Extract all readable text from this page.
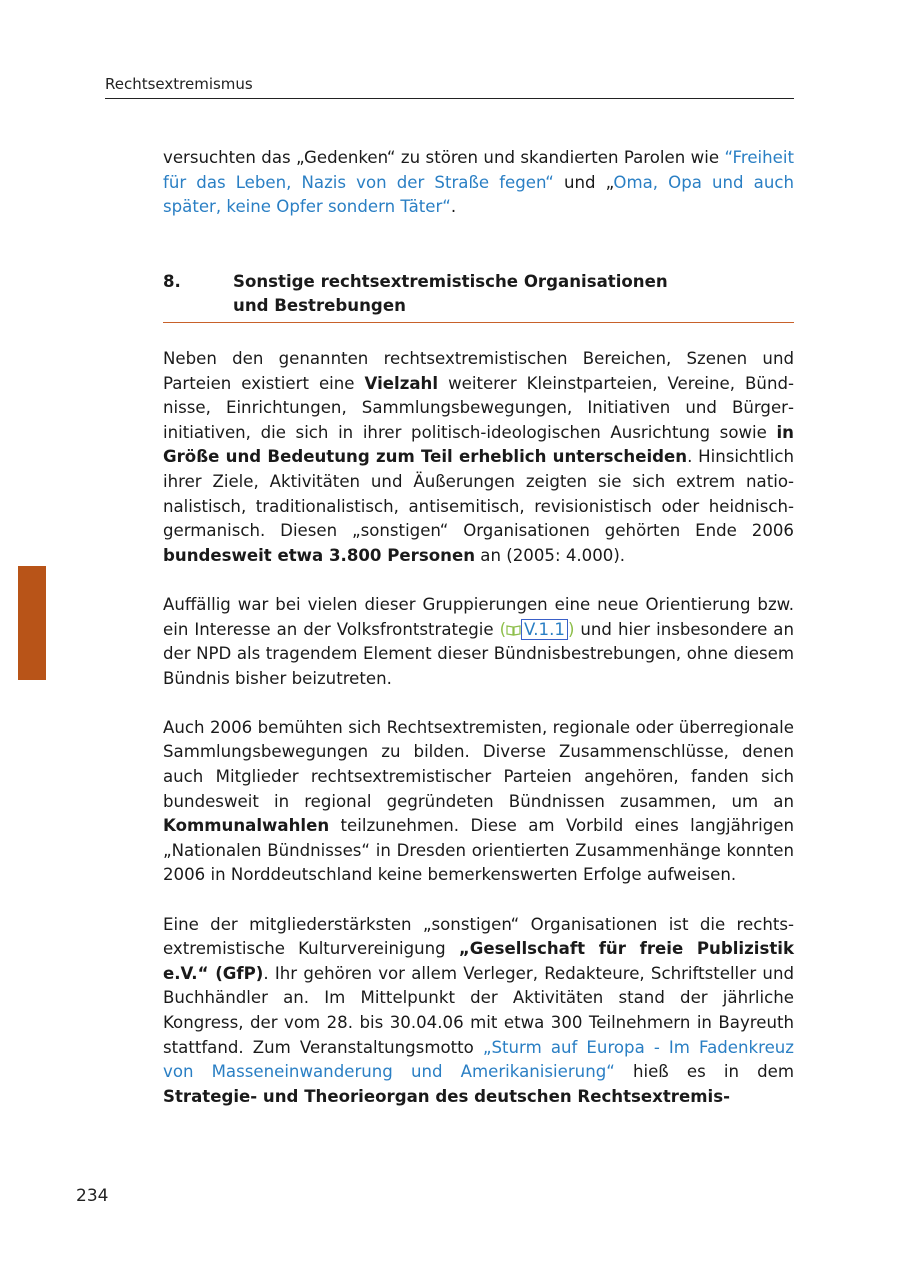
Rechtsextremismus

versuchten das „Gedenken“ zu stören und skandierten Parolen wie “Freiheit für das Leben, Nazis von der Straße fegen“ und „Oma, Opa und auch später, keine Opfer sondern Täter“.

8.	Sonstige rechtsextremistische Organisationen
und Bestrebungen

Neben den genannten rechtsextremistischen Bereichen, Szenen und Parteien existiert eine Vielzahl weiterer Kleinstparteien, Vereine, Bündnisse, Einrichtungen, Sammlungsbewegungen, Initiativen und Bürgerinitiativen, die sich in ihrer politisch-ideologischen Ausrichtung sowie in Größe und Bedeutung zum Teil erheblich unterscheiden. Hinsichtlich ihrer Ziele, Aktivitäten und Äußerungen zeigten sie sich extrem nationalistisch, traditionalistisch, antisemitisch, revisionistisch oder heidnisch-germanisch. Diesen „sonstigen“ Organisationen gehörten Ende 2006 bundesweit etwa 3.800 Personen an (2005: 4.000).

Auffällig war bei vielen dieser Gruppierungen eine neue Orientierung bzw. ein Interesse an der Volksfrontstrategie ( V.1.1 ) und hier insbesondere an der NPD als tragendem Element dieser Bündnisbestrebungen, ohne diesem Bündnis bisher beizutreten.

Auch 2006 bemühten sich Rechtsextremisten, regionale oder überregionale Sammlungsbewegungen zu bilden. Diverse Zusammenschlüsse, denen auch Mitglieder rechtsextremistischer Parteien angehören, fanden sich bundesweit in regional gegründeten Bündnissen zusammen, um an Kommunalwahlen teilzunehmen. Diese am Vorbild eines langjährigen „Nationalen Bündnisses“ in Dresden orientierten Zusammenhänge konnten 2006 in Norddeutschland keine bemerkenswerten Erfolge aufweisen.

Eine der mitgliederstärksten „sonstigen“ Organisationen ist die rechtsextremistische Kulturvereinigung „Gesellschaft für freie Publizistik e.V.“ (GfP). Ihr gehören vor allem Verleger, Redakteure, Schriftsteller und Buchhändler an. Im Mittelpunkt der Aktivitäten stand der jährliche Kongress, der vom 28. bis 30.04.06 mit etwa 300 Teilnehmern in Bayreuth stattfand. Zum Veranstaltungsmotto „Sturm auf Europa - Im Fadenkreuz von Masseneinwanderung und Amerikanisierung“ hieß es in dem Strategie- und Theorieorgan des deutschen Rechtsextremis-

234
